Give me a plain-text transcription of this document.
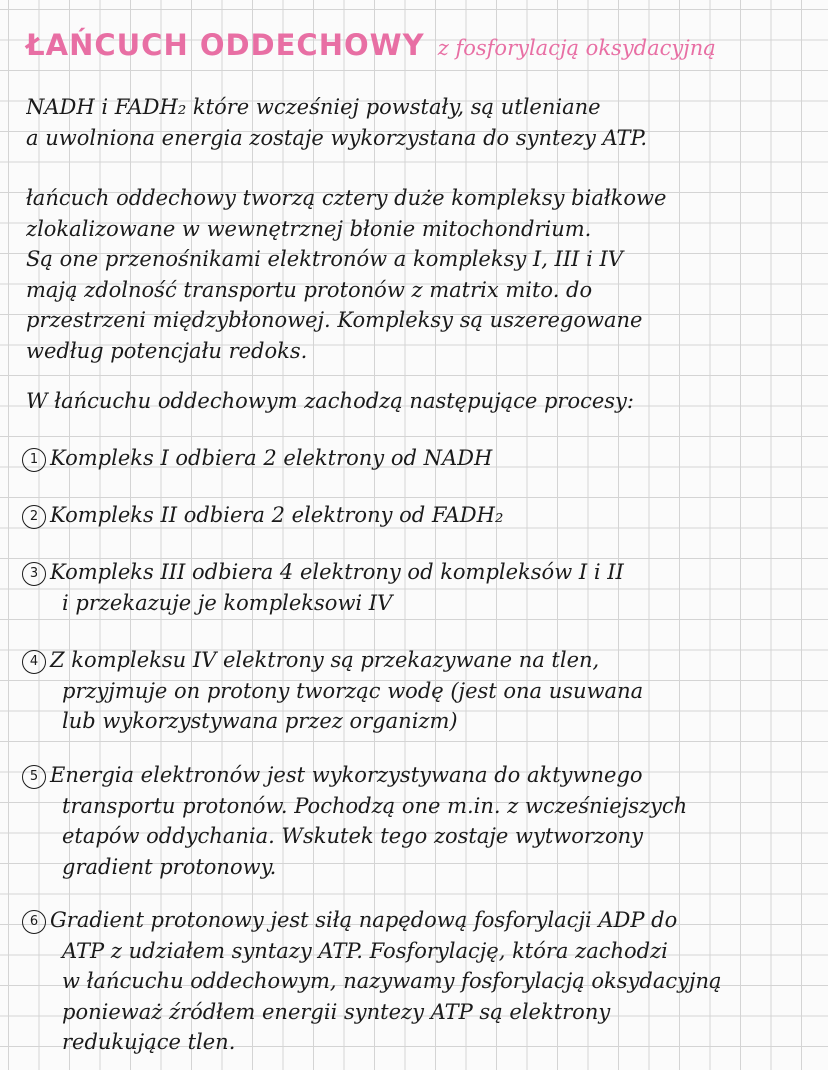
ŁAŃCUCH ODDECHOWY z fosforylacją oksydacyjną
NADH i FADH₂ które wcześniej powstały, są utleniane
a uwolniona energia zostaje wykorzystana do syntezy ATP.
łańcuch oddechowy tworzą cztery duże kompleksy białkowe
zlokalizowane w wewnętrznej błonie mitochondrium.
Są one przenośnikami elektronów a kompleksy I, III i IV
mają zdolność transportu protonów z matrix mito. do
przestrzeni międzybłonowej. Kompleksy są uszeregowane
według potencjału redoks.
W łańcuchu oddechowym zachodzą następujące procesy:
1 Kompleks I odbiera 2 elektrony od NADH
2 Kompleks II odbiera 2 elektrony od FADH₂
3 Kompleks III odbiera 4 elektrony od kompleksów I i II
i przekazuje je kompleksowi IV
4 Z kompleksu IV elektrony są przekazywane na tlen,
przyjmuje on protony tworząc wodę (jest ona usuwana
lub wykorzystywana przez organizm)
5 Energia elektronów jest wykorzystywana do aktywnego
transportu protonów. Pochodzą one m.in. z wcześniejszych
etapów oddychania. Wskutek tego zostaje wytworzony
gradient protonowy.
6 Gradient protonowy jest siłą napędową fosforylacji ADP do
ATP z udziałem syntazy ATP. Fosforylację, która zachodzi
w łańcuchu oddechowym, nazywamy fosforylacją oksydacyjną
ponieważ źródłem energii syntezy ATP są elektrony
redukujące tlen.
